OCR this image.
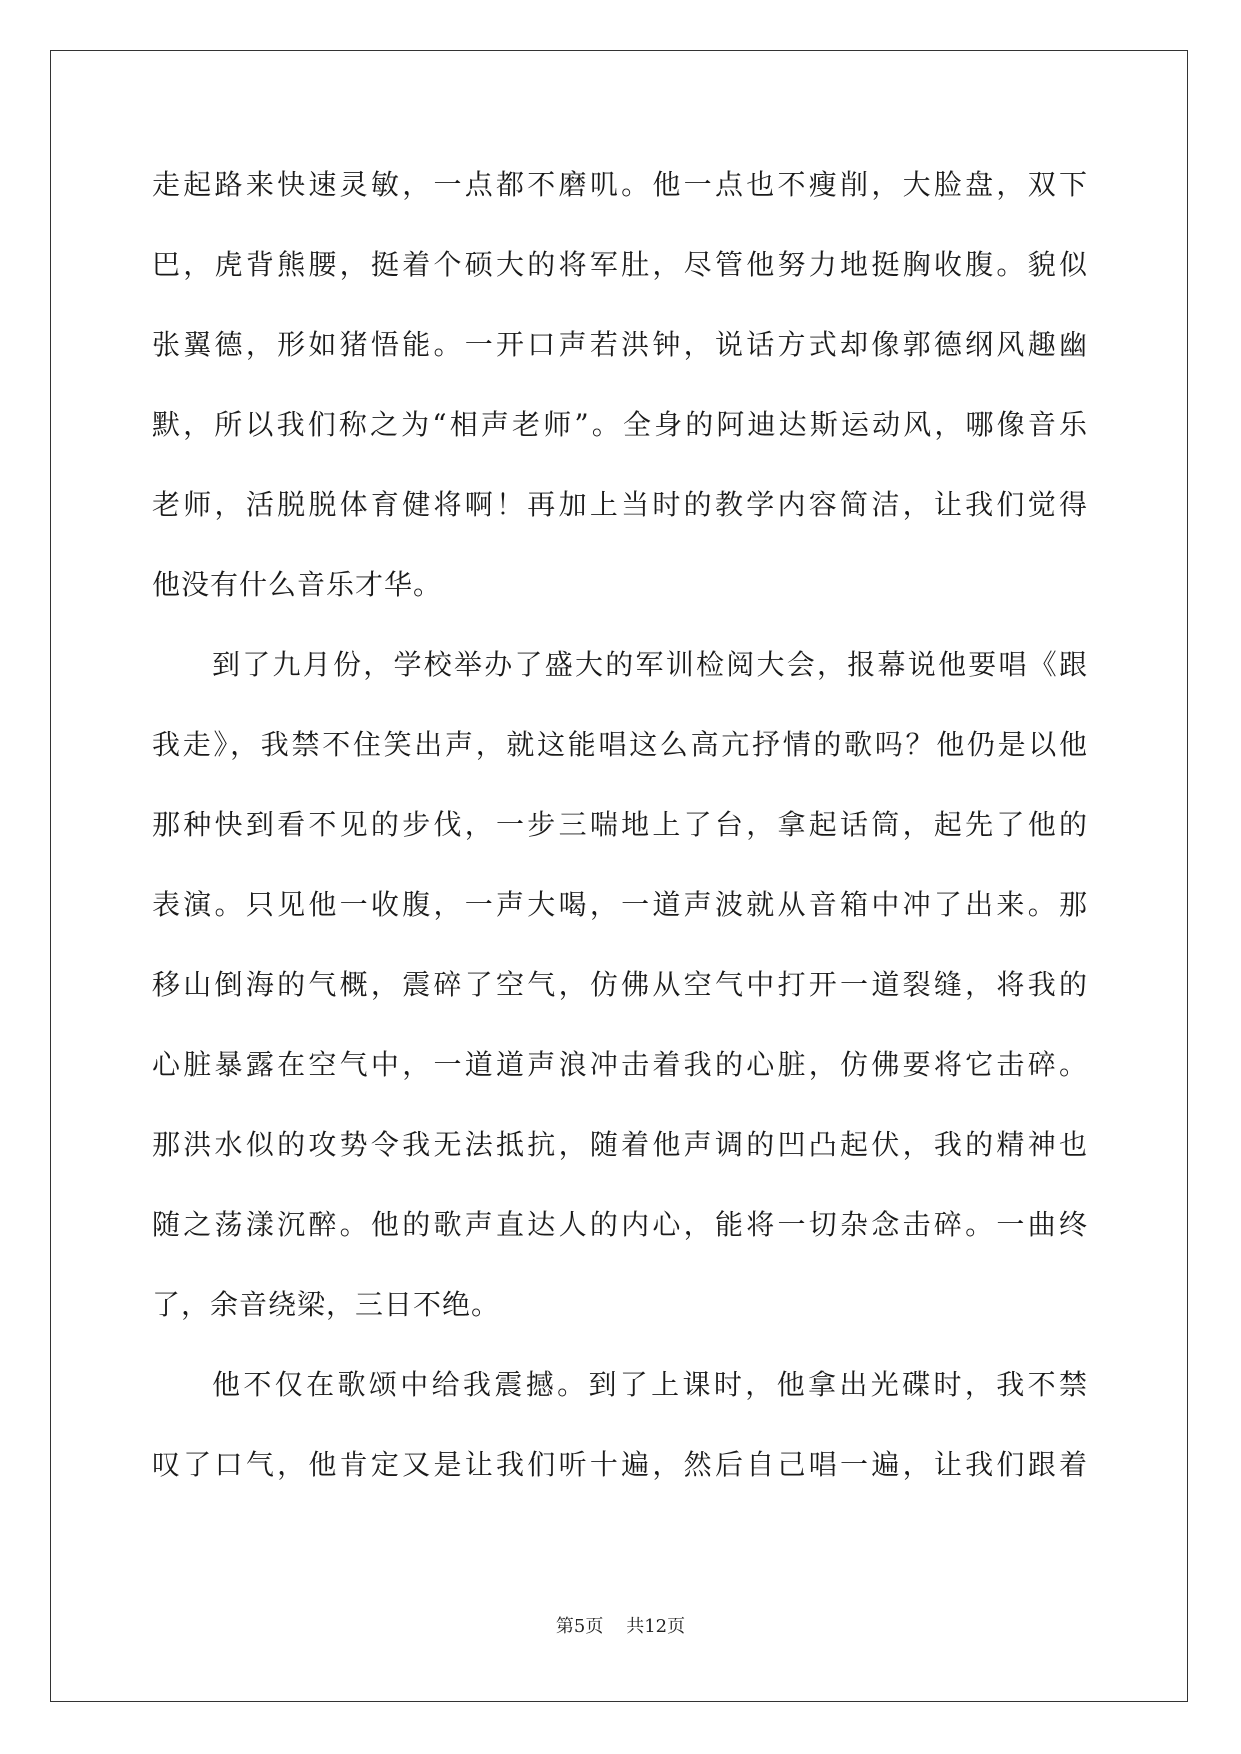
走起路来快速灵敏，一点都不磨叽。他一点也不瘦削，大脸盘，双下
巴，虎背熊腰，挺着个硕大的将军肚，尽管他努力地挺胸收腹。貌似
张翼德，形如猪悟能。一开口声若洪钟，说话方式却像郭德纲风趣幽
默，所以我们称之为“相声老师”。全身的阿迪达斯运动风，哪像音乐
老师，活脱脱体育健将啊！再加上当时的教学内容简洁，让我们觉得
他没有什么音乐才华。
到了九月份，学校举办了盛大的军训检阅大会，报幕说他要唱《跟
我走》，我禁不住笑出声，就这能唱这么高亢抒情的歌吗？他仍是以他
那种快到看不见的步伐，一步三喘地上了台，拿起话筒，起先了他的
表演。只见他一收腹，一声大喝，一道声波就从音箱中冲了出来。那
移山倒海的气概，震碎了空气，仿佛从空气中打开一道裂缝，将我的
心脏暴露在空气中，一道道声浪冲击着我的心脏，仿佛要将它击碎。
那洪水似的攻势令我无法抵抗，随着他声调的凹凸起伏，我的精神也
随之荡漾沉醉。他的歌声直达人的内心，能将一切杂念击碎。一曲终
了，余音绕梁，三日不绝。
他不仅在歌颂中给我震撼。到了上课时，他拿出光碟时，我不禁
叹了口气，他肯定又是让我们听十遍，然后自己唱一遍，让我们跟着
第5页 共12页
